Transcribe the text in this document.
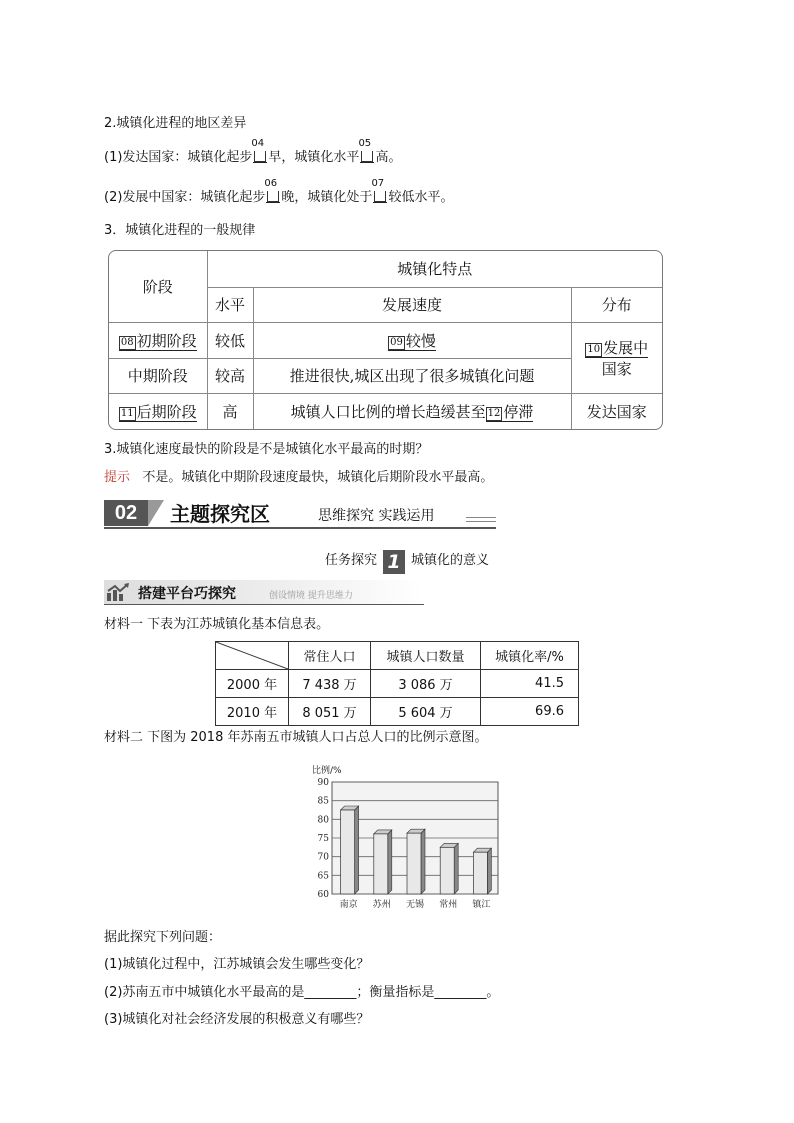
2.城镇化进程的地区差异
(1)发达国家：城镇化起步
04
早，城镇化水平
05
高。
(2)发展中国家：城镇化起步
06
晚，城镇化处于
07
较低水平。
3．城镇化进程的一般规律
阶段	城镇化特点		
	水平	发展速度	分布
08 初期阶段	较低	09 较慢	10 发展中
国家
中期阶段	较高	推进很快,城区出现了很多城镇化问题	
11 后期阶段	高	城镇人口比例的增长趋缓甚至 12 停滞	发达国家
3.城镇化速度最快的阶段是不是城镇化水平最高的时期？
提示 不是。城镇化中期阶段速度最快，城镇化后期阶段水平最高。
02	主题探究区	思维探究 实践运用
任务探究 1 城镇化的意义
搭建平台巧探究	创设情境 提升思维力
材料一 下表为江苏城镇化基本信息表。
	常住人口	城镇人口数量	城镇化率/%
2000 年	7 438 万	3 086 万	41.5
2010 年	8 051 万	5 604 万	69.6
材料二 下图为 2018 年苏南五市城镇人口占总人口的比例示意图。
60
65
70
75
80
85
90
比例/%
南京 苏州 无锡 常州 镇江
据此探究下列问题：
(1)城镇化过程中，江苏城镇会发生哪些变化？
(2)苏南五市中城镇化水平最高的是________；衡量指标是________。
(3)城镇化对社会经济发展的积极意义有哪些？
